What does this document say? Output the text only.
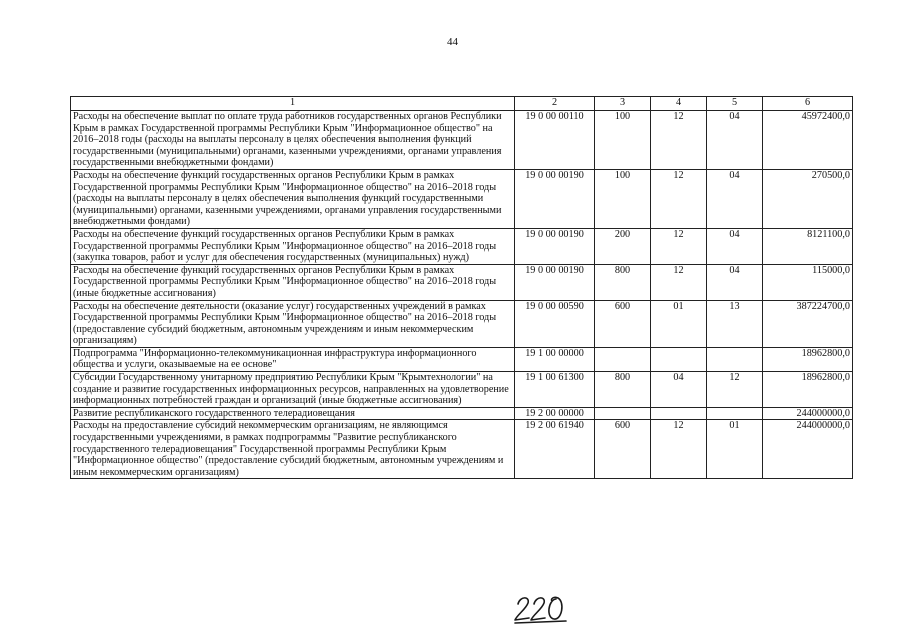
44
1	2	3	4	5	6
Расходы на обеспечение выплат по оплате труда работников государственных органов Республики Крым в рамках Государственной программы Республики Крым "Информационное общество" на 2016–2018 годы (расходы на выплаты персоналу в целях обеспечения выполнения функций государственными (муниципальными) органами, казенными учреждениями, органами управления государственными внебюджетными фондами)	19 0 00 00110	100	12	04	45972400,0
Расходы на обеспечение функций государственных органов Республики Крым в рамках Государственной программы Республики Крым "Информационное общество" на 2016–2018 годы (расходы на выплаты персоналу в целях обеспечения выполнения функций государственными (муниципальными) органами, казенными учреждениями, органами управления государственными внебюджетными фондами)	19 0 00 00190	100	12	04	270500,0
Расходы на обеспечение функций государственных органов Республики Крым в рамках Государственной программы Республики Крым "Информационное общество" на 2016–2018 годы (закупка товаров, работ и услуг для обеспечения государственных (муниципальных) нужд)	19 0 00 00190	200	12	04	8121100,0
Расходы на обеспечение функций государственных органов Республики Крым в рамках Государственной программы Республики Крым "Информационное общество" на 2016–2018 годы (иные бюджетные ассигнования)	19 0 00 00190	800	12	04	115000,0
Расходы на обеспечение деятельности (оказание услуг) государственных учреждений в рамках Государственной программы Республики Крым "Информационное общество" на 2016–2018 годы (предоставление субсидий бюджетным, автономным учреждениям и иным некоммерческим организациям)	19 0 00 00590	600	01	13	387224700,0
Подпрограмма "Информационно-телекоммуникационная инфраструктура информационного общества и услуги, оказываемые на ее основе"	19 1 00 00000				18962800,0
Субсидии Государственному унитарному предприятию Республики Крым "Крымтехнологии" на создание и развитие государственных информационных ресурсов, направленных на удовлетворение информационных потребностей граждан и организаций (иные бюджетные ассигнования)	19 1 00 61300	800	04	12	18962800,0
Развитие республиканского государственного телерадиовещания	19 2 00 00000				244000000,0
Расходы на предоставление субсидий некоммерческим организациям, не являющимся государственными учреждениями, в рамках подпрограммы "Развитие республиканского государственного телерадиовещания" Государственной программы Республики Крым "Информационное общество" (предоставление субсидий бюджетным, автономным учреждениям и иным некоммерческим организациям)	19 2 00 61940	600	12	01	244000000,0
